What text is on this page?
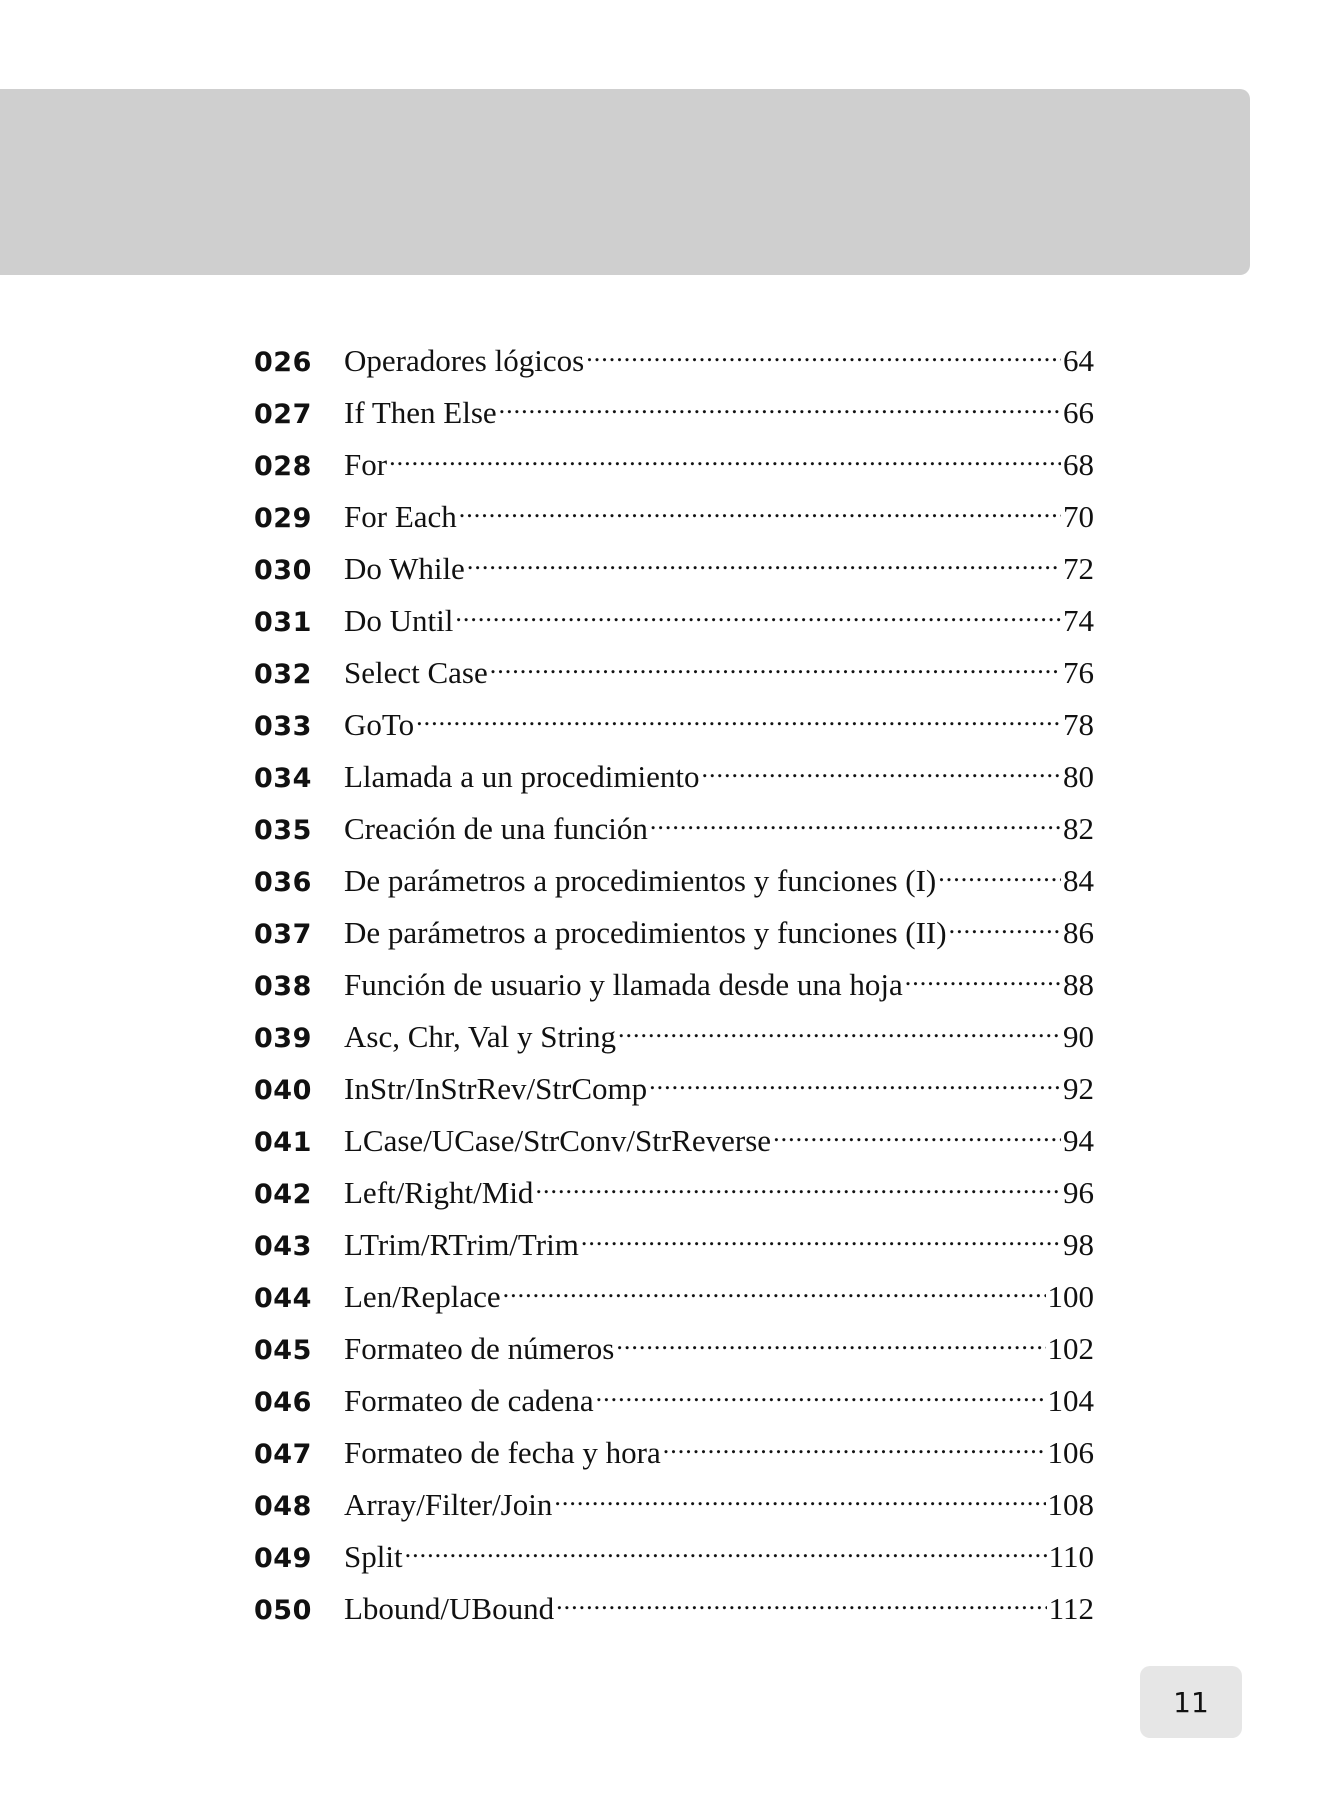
026	Operadores lógicos .....	64
027	If Then Else .....	66
028	For .....	68
029	For Each .....	70
030	Do While .....	72
031	Do Until .....	74
032	Select Case .....	76
033	GoTo .....	78
034	Llamada a un procedimiento .....	80
035	Creación de una función .....	82
036	De parámetros a procedimientos y funciones (I) .....	84
037	De parámetros a procedimientos y funciones (II) .....	86
038	Función de usuario y llamada desde una hoja .....	88
039	Asc, Chr, Val y String .....	90
040	InStr/InStrRev/StrComp .....	92
041	LCase/UCase/StrConv/StrReverse .....	94
042	Left/Right/Mid .....	96
043	LTrim/RTrim/Trim .....	98
044	Len/Replace .....	100
045	Formateo de números .....	102
046	Formateo de cadena .....	104
047	Formateo de fecha y hora .....	106
048	Array/Filter/Join .....	108
049	Split .....	110
050	Lbound/UBound .....	112
11
